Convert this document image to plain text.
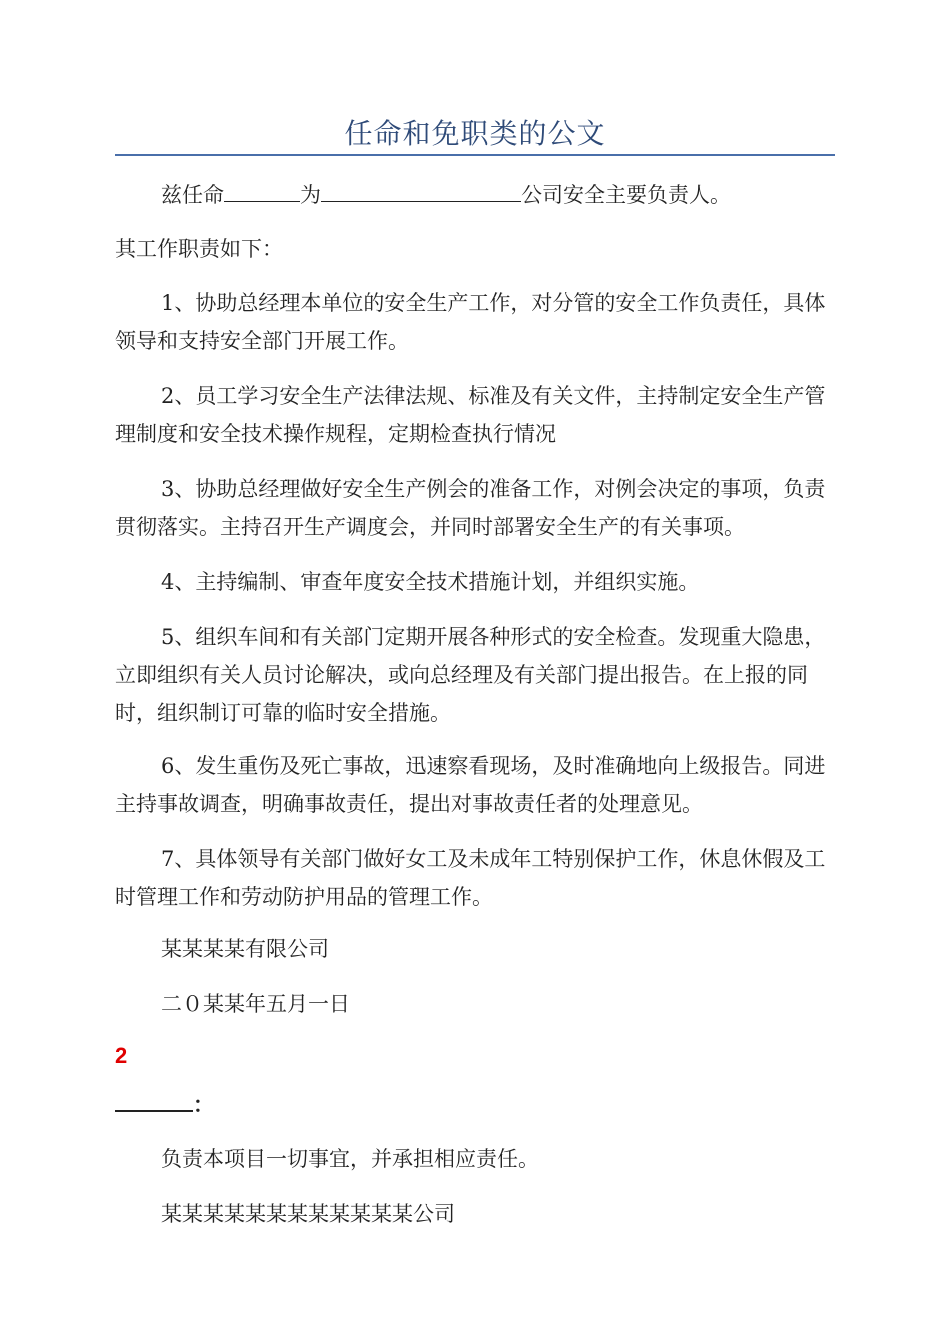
任命和免职类的公文

兹任命	为	公司安全主要负责人。

其工作职责如下：

1、协助总经理本单位的安全生产工作，对分管的安全工作负责任，具体领导和支持安全部门开展工作。

2、员工学习安全生产法律法规、标准及有关文件，主持制定安全生产管理制度和安全技术操作规程，定期检查执行情况

3、协助总经理做好安全生产例会的准备工作，对例会决定的事项，负责贯彻落实。主持召开生产调度会，并同时部署安全生产的有关事项。

4、主持编制、审查年度安全技术措施计划，并组织实施。

5、组织车间和有关部门定期开展各种形式的安全检查。发现重大隐患，立即组织有关人员讨论解决，或向总经理及有关部门提出报告。在上报的同时，组织制订可靠的临时安全措施。

6、发生重伤及死亡事故，迅速察看现场，及时准确地向上级报告。同进主持事故调查，明确事故责任，提出对事故责任者的处理意见。

7、具体领导有关部门做好女工及未成年工特别保护工作，休息休假及工时管理工作和劳动防护用品的管理工作。

某某某某有限公司

二０某某年五月一日

2
：

负责本项目一切事宜，并承担相应责任。

某某某某某某某某某某某某公司
